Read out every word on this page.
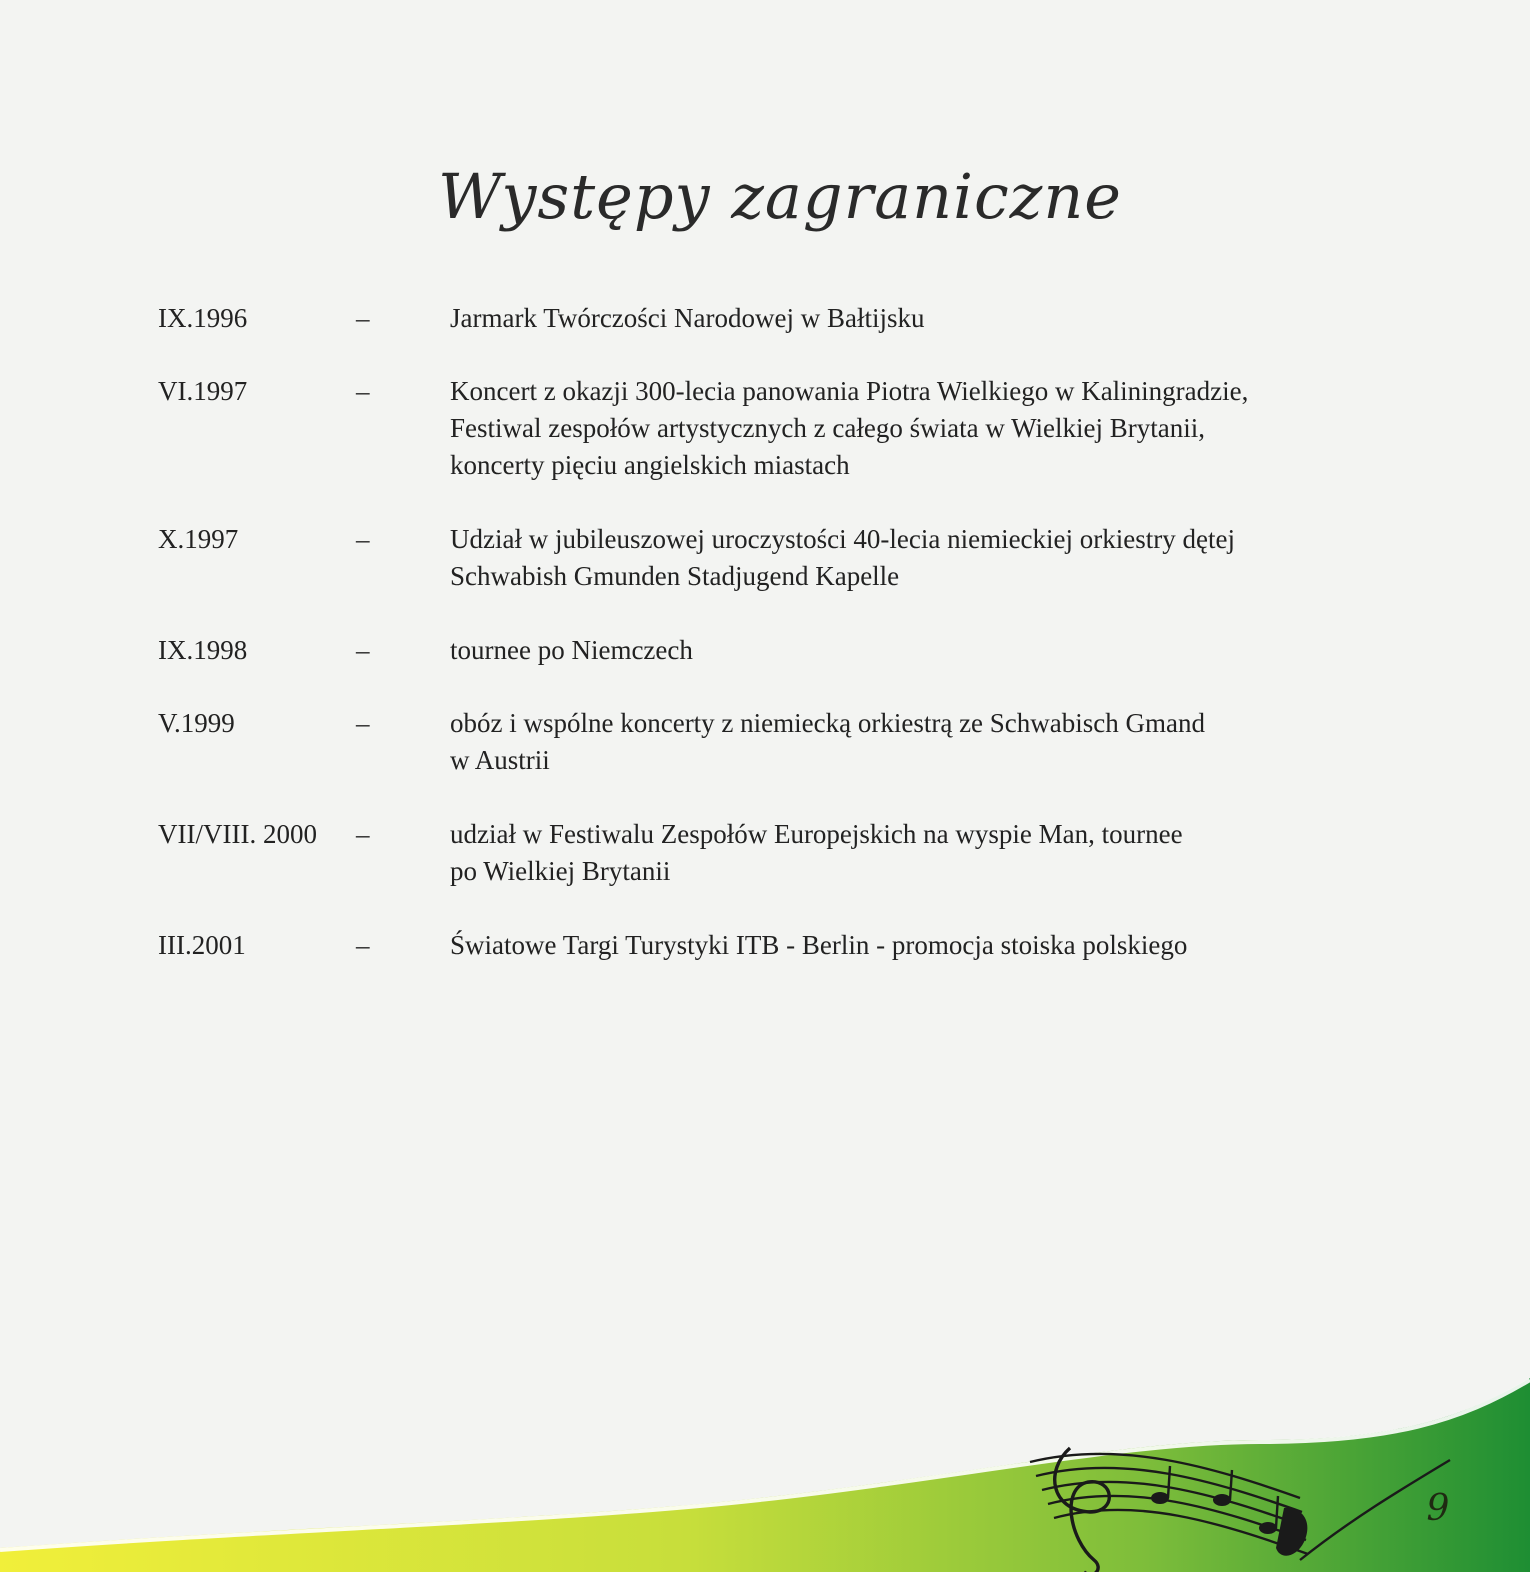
Występy zagraniczne
IX.1996	–	Jarmark Twórczości Narodowej w Bałtijsku
VI.1997	–	Koncert z okazji 300-lecia panowania Piotra Wielkiego w Kaliningradzie,
Festiwal zespołów artystycznych z całego świata w Wielkiej Brytanii,
koncerty pięciu angielskich miastach
X.1997	–	Udział w jubileuszowej uroczystości 40-lecia niemieckiej orkiestry dętej
Schwabish Gmunden Stadjugend Kapelle
IX.1998	–	tournee po Niemczech
V.1999	–	obóz i wspólne koncerty z niemiecką orkiestrą ze Schwabisch Gmand
w Austrii
VII/VIII. 2000	–	udział w Festiwalu Zespołów Europejskich na wyspie Man, tournee
po Wielkiej Brytanii
III.2001	–	Światowe Targi Turystyki ITB - Berlin - promocja stoiska polskiego
9
